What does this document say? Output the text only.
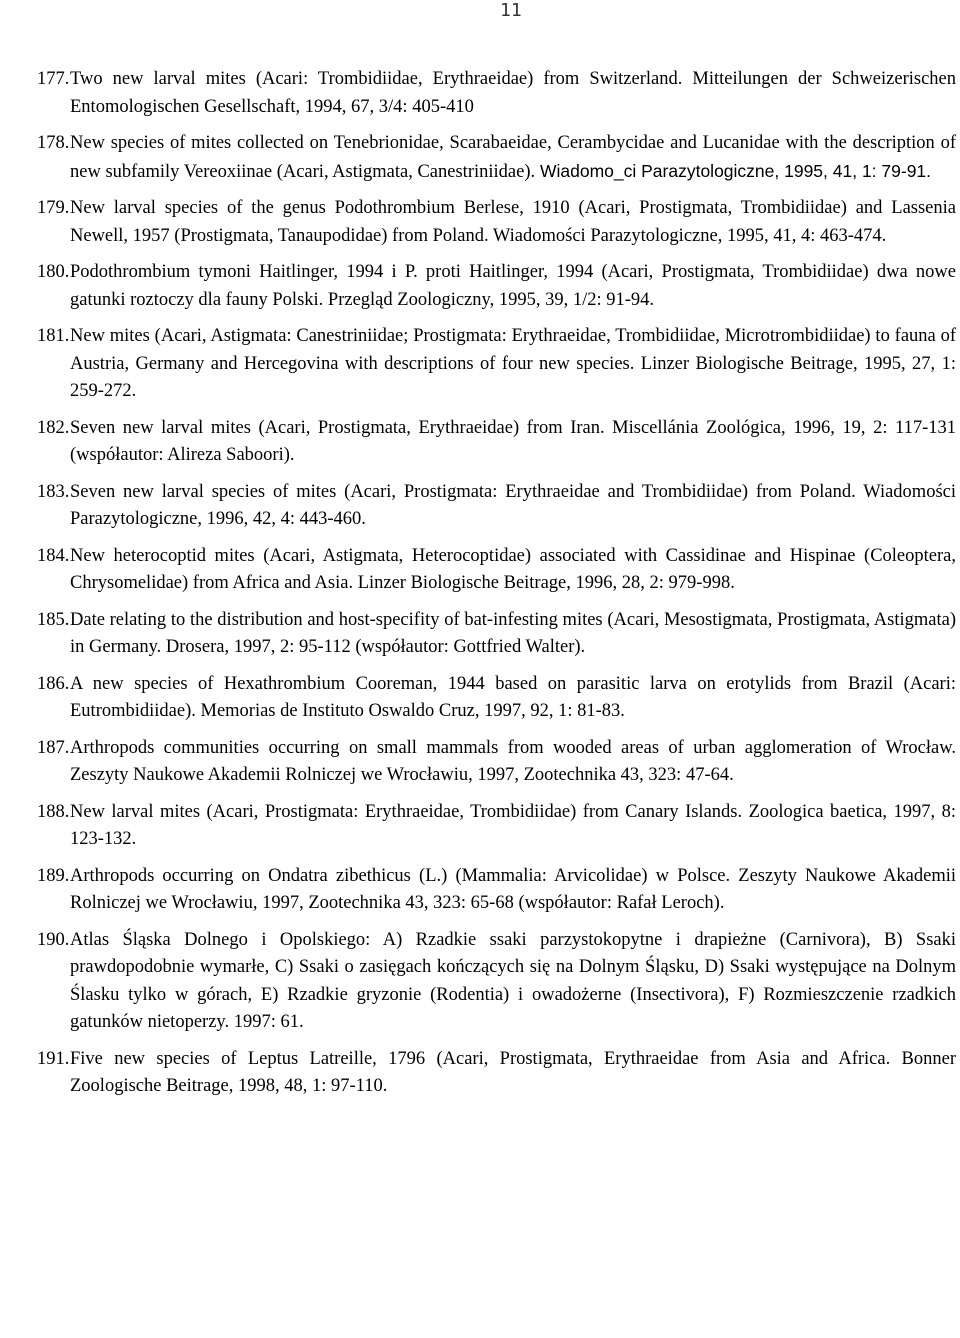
11
177. Two new larval mites (Acari: Trombidiidae, Erythraeidae) from Switzerland. Mitteilungen der Schweizerischen Entomologischen Gesellschaft, 1994, 67, 3/4: 405-410
178. New species of mites collected on Tenebrionidae, Scarabaeidae, Cerambycidae and Lucanidae with the description of new subfamily Vereoxiinae (Acari, Astigmata, Canestriniidae). Wiadomo_ci Parazytologiczne, 1995, 41, 1: 79-91.
179. New larval species of the genus Podothrombium Berlese, 1910 (Acari, Prostigmata, Trombidiidae) and Lassenia Newell, 1957 (Prostigmata, Tanaupodidae) from Poland. Wiadomości Parazytologiczne, 1995, 41, 4: 463-474.
180. Podothrombium tymoni Haitlinger, 1994 i P. proti Haitlinger, 1994 (Acari, Prostigmata, Trombidiidae) dwa nowe gatunki roztoczy dla fauny Polski. Przegląd Zoologiczny, 1995, 39, 1/2: 91-94.
181. New mites (Acari, Astigmata: Canestriniidae; Prostigmata: Erythraeidae, Trombidiidae, Microtrombidiidae) to fauna of Austria, Germany and Hercegovina with descriptions of four new species. Linzer Biologische Beitrage, 1995, 27, 1: 259-272.
182. Seven new larval mites (Acari, Prostigmata, Erythraeidae) from Iran. Miscellánia Zoológica, 1996, 19, 2: 117-131 (współautor: Alireza Saboori).
183. Seven new larval species of mites (Acari, Prostigmata: Erythraeidae and Trombidiidae) from Poland. Wiadomości Parazytologiczne, 1996, 42, 4: 443-460.
184. New heterocoptid mites (Acari, Astigmata, Heterocoptidae) associated with Cassidinae and Hispinae (Coleoptera, Chrysomelidae) from Africa and Asia. Linzer Biologische Beitrage, 1996, 28, 2: 979-998.
185. Date relating to the distribution and host-specifity of bat-infesting mites (Acari, Mesostigmata, Prostigmata, Astigmata) in Germany. Drosera, 1997, 2: 95-112 (współautor: Gottfried Walter).
186. A new species of Hexathrombium Cooreman, 1944 based on parasitic larva on erotylids from Brazil (Acari: Eutrombidiidae). Memorias de Instituto Oswaldo Cruz, 1997, 92, 1: 81-83.
187. Arthropods communities occurring on small mammals from wooded areas of urban agglomeration of Wrocław. Zeszyty Naukowe Akademii Rolniczej we Wrocławiu, 1997, Zootechnika 43, 323: 47-64.
188. New larval mites (Acari, Prostigmata: Erythraeidae, Trombidiidae) from Canary Islands. Zoologica baetica, 1997, 8: 123-132.
189. Arthropods occurring on Ondatra zibethicus (L.) (Mammalia: Arvicolidae) w Polsce. Zeszyty Naukowe Akademii Rolniczej we Wrocławiu, 1997, Zootechnika 43, 323: 65-68 (współautor: Rafał Leroch).
190. Atlas Śląska Dolnego i Opolskiego: A) Rzadkie ssaki parzystokopytne i drapieżne (Carnivora), B) Ssaki prawdopodobnie wymarłe, C) Ssaki o zasięgach kończących się na Dolnym Śląsku, D) Ssaki występujące na Dolnym Ślasku tylko w górach, E) Rzadkie gryzonie (Rodentia) i owadożerne (Insectivora), F) Rozmieszczenie rzadkich gatunków nietoperzy. 1997: 61.
191. Five new species of Leptus Latreille, 1796 (Acari, Prostigmata, Erythraeidae from Asia and Africa. Bonner Zoologische Beitrage, 1998, 48, 1: 97-110.
